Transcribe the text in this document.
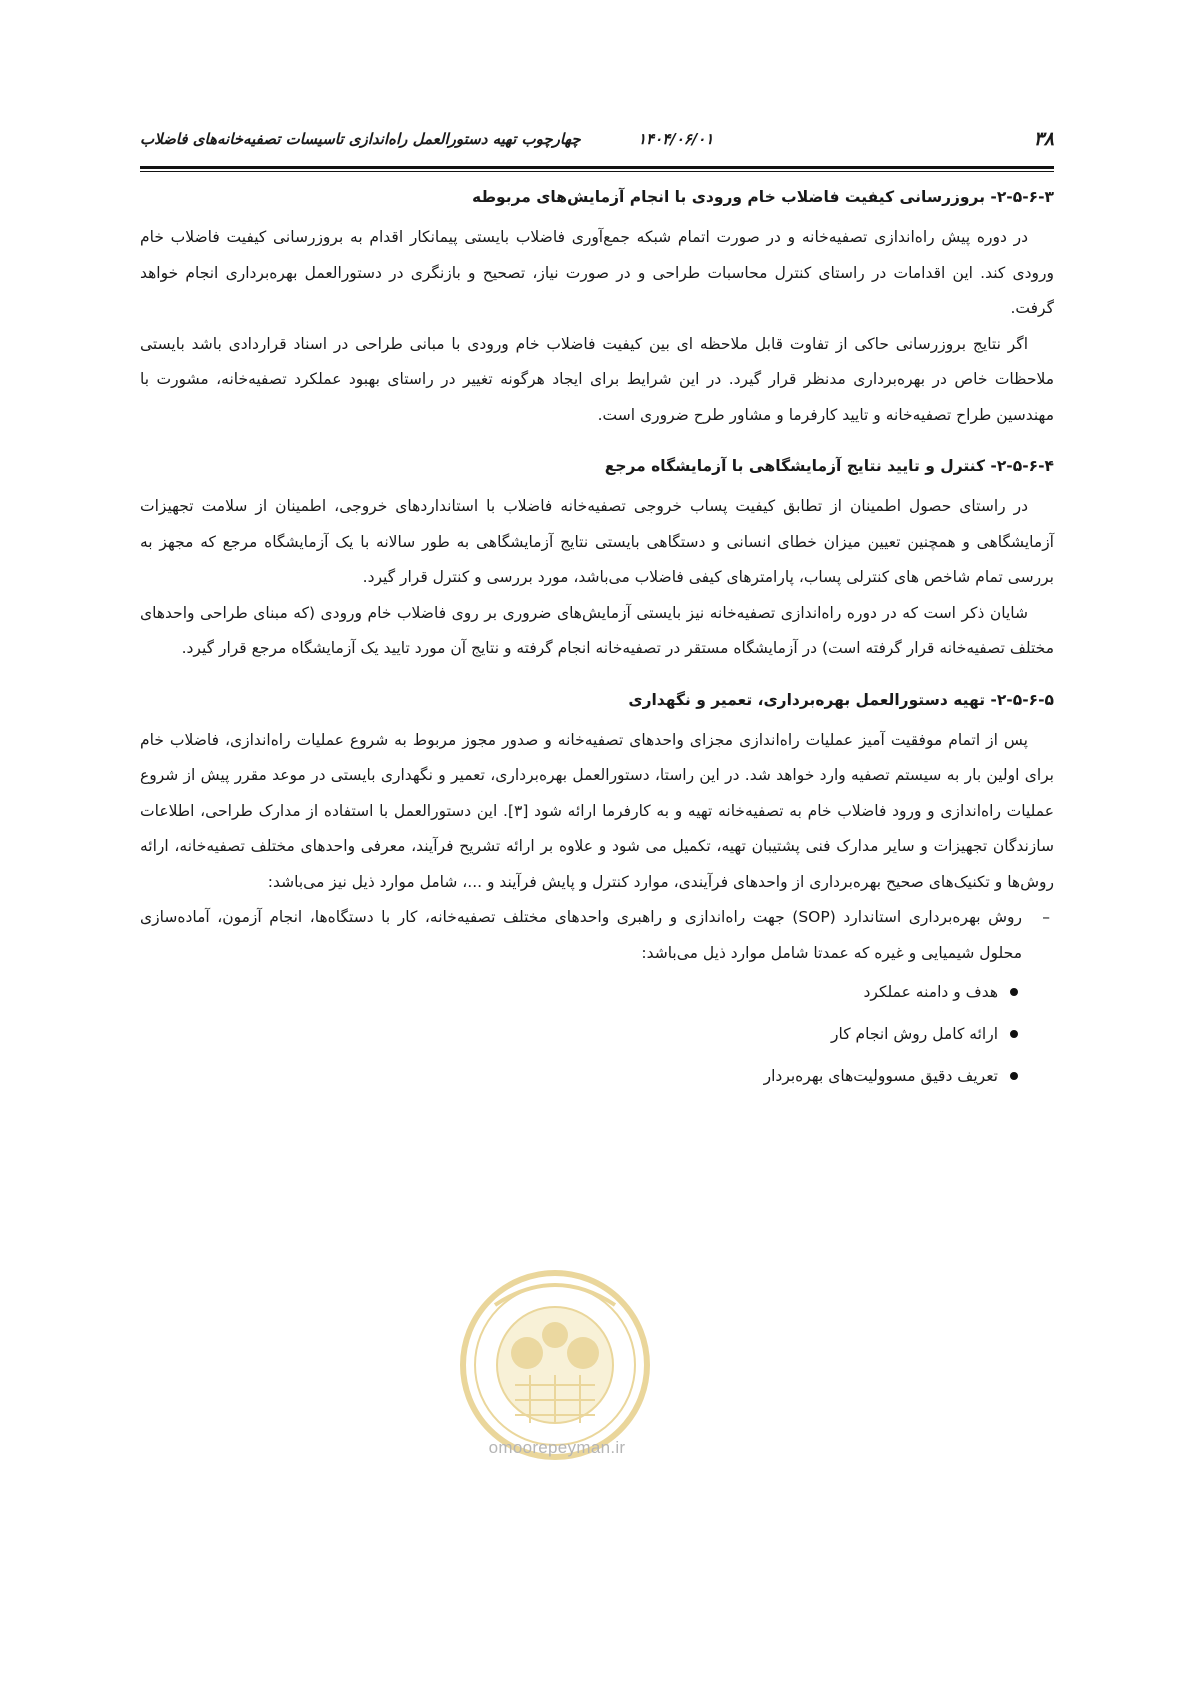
۳۸
۱۴۰۴/۰۶/۰۱
چهارچوب تهیه دستورالعمل راه‌اندازی تاسیسات تصفیه‌خانه‌های فاضلاب
۲-۵-۶-۳- بروزرسانی کیفیت فاضلاب خام ورودی با انجام آزمایش‌های مربوطه

در دوره پیش راه‌اندازی تصفیه‌خانه و در صورت اتمام شبکه جمع‌آوری فاضلاب بایستی پیمانکار اقدام به بروزرسانی کیفیت فاضلاب خام ورودی کند. این اقدامات در راستای کنترل محاسبات طراحی و در صورت نیاز، تصحیح و بازنگری در دستورالعمل بهره‌برداری انجام خواهد گرفت.

اگر نتایج بروزرسانی حاکی از تفاوت قابل ملاحظه ای بین کیفیت فاضلاب خام ورودی با مبانی طراحی در اسناد قراردادی باشد بایستی ملاحظات خاص در بهره‌برداری مدنظر قرار گیرد. در این شرایط برای ایجاد هرگونه تغییر در راستای بهبود عملکرد تصفیه‌خانه، مشورت با مهندسین طراح تصفیه‌خانه و تایید کارفرما و مشاور طرح ضروری است.

۲-۵-۶-۴- کنترل و تایید نتایج آزمایشگاهی با آزمایشگاه مرجع

در راستای حصول اطمینان از تطابق کیفیت پساب خروجی تصفیه‌خانه فاضلاب با استانداردهای خروجی، اطمینان از سلامت تجهیزات آزمایشگاهی و همچنین تعیین میزان خطای انسانی و دستگاهی بایستی نتایج آزمایشگاهی به طور سالانه با یک آزمایشگاه مرجع که مجهز به بررسی تمام شاخص های کنترلی پساب، پارامترهای کیفی فاضلاب می‌باشد، مورد بررسی و کنترل قرار گیرد.

شایان ذکر است که در دوره راه‌اندازی تصفیه‌خانه نیز بایستی آزمایش‌های ضروری بر روی فاضلاب خام ورودی (که مبنای طراحی واحدهای مختلف تصفیه‌خانه قرار گرفته است) در آزمایشگاه مستقر در تصفیه‌خانه انجام گرفته و نتایج آن مورد تایید یک آزمایشگاه مرجع قرار گیرد.

۲-۵-۶-۵- تهیه دستورالعمل بهره‌برداری، تعمیر و نگهداری

پس از اتمام موفقیت آمیز عملیات راه‌اندازی مجزای واحدهای تصفیه‌خانه و صدور مجوز مربوط به شروع عملیات راه‌اندازی، فاضلاب خام برای اولین بار به سیستم تصفیه وارد خواهد شد. در این راستا، دستورالعمل بهره‌برداری، تعمیر و نگهداری بایستی در موعد مقرر پیش از شروع عملیات راه‌اندازی و ورود فاضلاب خام به تصفیه‌خانه تهیه و به کارفرما ارائه شود [۳]. این دستورالعمل با استفاده از مدارک طراحی، اطلاعات سازندگان تجهیزات و سایر مدارک فنی پشتیبان تهیه، تکمیل می شود و علاوه بر ارائه تشریح فرآیند، معرفی واحدهای مختلف تصفیه‌خانه، ارائه روش‌ها و تکنیک‌های صحیح بهره‌برداری از واحدهای فرآیندی، موارد کنترل و پایش فرآیند و ...، شامل موارد ذیل نیز می‌باشد:

–
روش بهره‌برداری استاندارد (SOP) جهت راه‌اندازی و راهبری واحدهای مختلف تصفیه‌خانه، کار با دستگاه‌ها، انجام آزمون، آماده‌سازی محلول شیمیایی و غیره که عمدتا شامل موارد ذیل می‌باشد:
هدف و دامنه عملکرد
ارائه کامل روش انجام کار
تعریف دقیق مسوولیت‌های بهره‌بردار
omoorepeyman.ir
